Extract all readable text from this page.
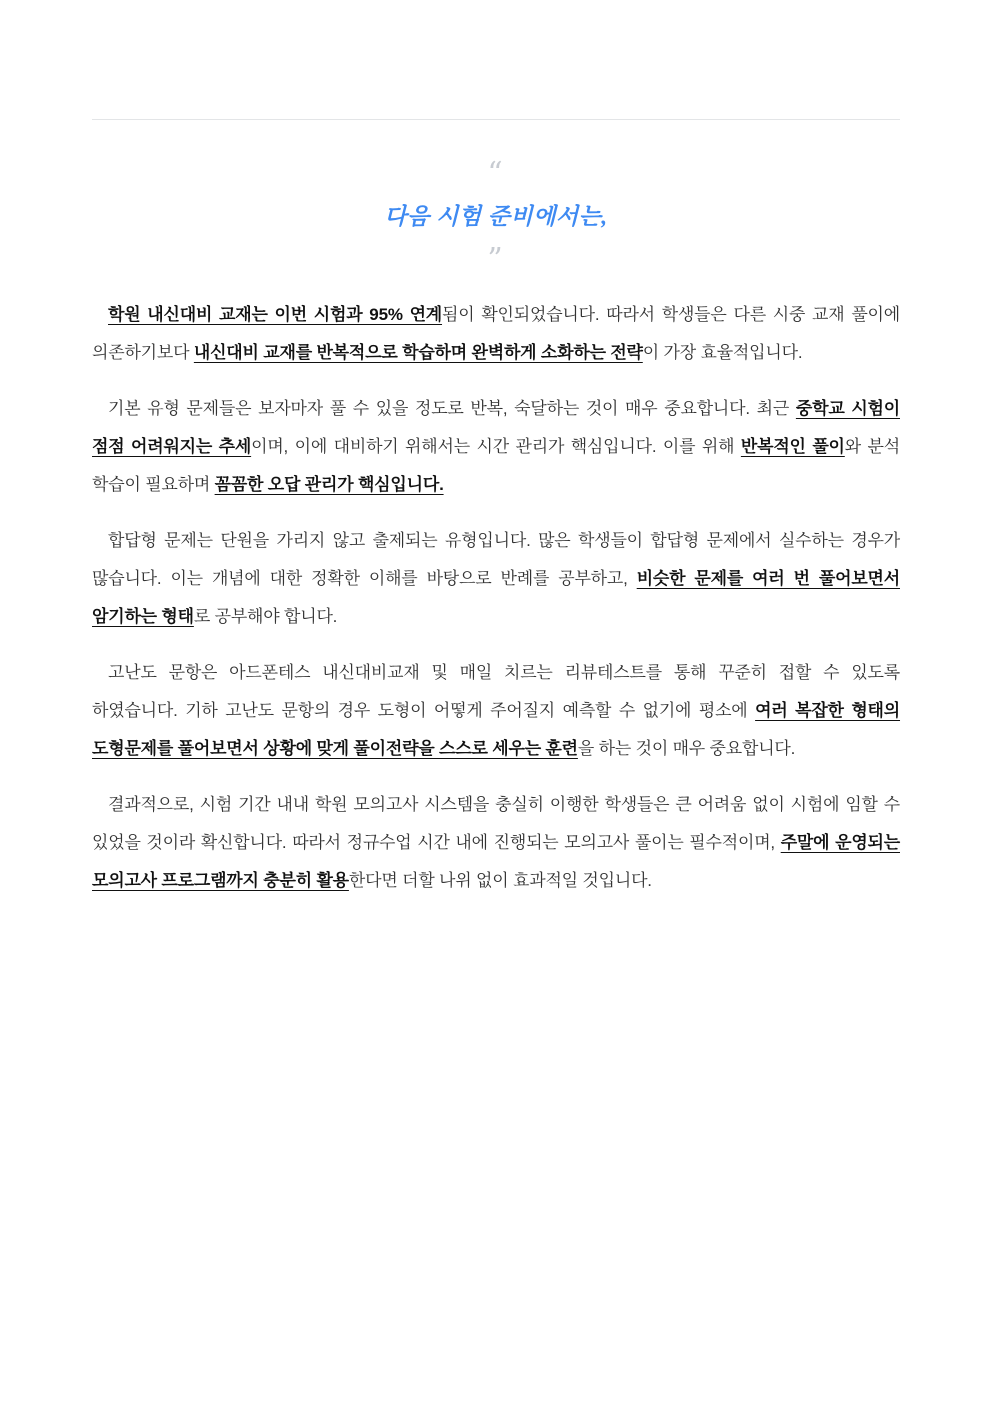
“
다음 시험 준비에서는,
”

학원 내신대비 교재는 이번 시험과 95% 연계됨이 확인되었습니다. 따라서 학생들은 다른 시중 교재 풀이에 의존하기보다 내신대비 교재를 반복적으로 학습하며 완벽하게 소화하는 전략이 가장 효율적입니다.

기본 유형 문제들은 보자마자 풀 수 있을 정도로 반복, 숙달하는 것이 매우 중요합니다. 최근 중학교 시험이 점점 어려워지는 추세이며, 이에 대비하기 위해서는 시간 관리가 핵심입니다. 이를 위해 반복적인 풀이와 분석 학습이 필요하며 꼼꼼한 오답 관리가 핵심입니다.

합답형 문제는 단원을 가리지 않고 출제되는 유형입니다. 많은 학생들이 합답형 문제에서 실수하는 경우가 많습니다. 이는 개념에 대한 정확한 이해를 바탕으로 반례를 공부하고, 비슷한 문제를 여러 번 풀어보면서 암기하는 형태로 공부해야 합니다.

고난도 문항은 아드폰테스 내신대비교재 및 매일 치르는 리뷰테스트를 통해 꾸준히 접할 수 있도록 하였습니다. 기하 고난도 문항의 경우 도형이 어떻게 주어질지 예측할 수 없기에 평소에 여러 복잡한 형태의 도형문제를 풀어보면서 상황에 맞게 풀이전략을 스스로 세우는 훈련을 하는 것이 매우 중요합니다.

결과적으로, 시험 기간 내내 학원 모의고사 시스템을 충실히 이행한 학생들은 큰 어려움 없이 시험에 임할 수 있었을 것이라 확신합니다. 따라서 정규수업 시간 내에 진행되는 모의고사 풀이는 필수적이며, 주말에 운영되는 모의고사 프로그램까지 충분히 활용한다면 더할 나위 없이 효과적일 것입니다.
